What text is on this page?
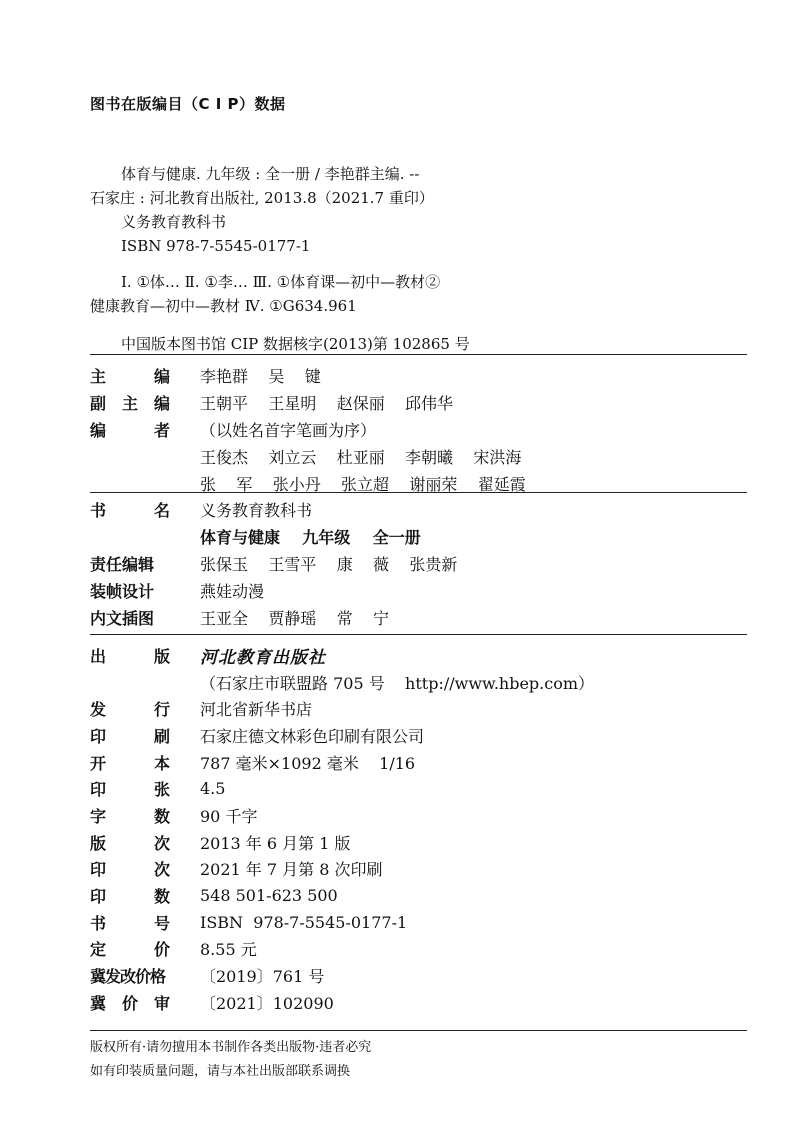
图书在版编目（C I P）数据
体育与健康. 九年级 : 全一册 / 李艳群主编. --
石家庄 : 河北教育出版社, 2013.8（2021.7 重印）
义务教育教科书
ISBN 978-7-5545-0177-1
Ⅰ. ①体… Ⅱ. ①李… Ⅲ. ①体育课—初中—教材②
健康教育—初中—教材 Ⅳ. ①G634.961
中国版本图书馆 CIP 数据核字(2013)第 102865 号
主	编 李艳群    吴    键
副 主 编 王朝平    王星明    赵保丽    邱伟华
编	者 （以姓名首字笔画为序）
王俊杰    刘立云    杜亚丽    李朝曦    宋洪海
张    军    张小丹    张立超    谢丽荣    翟延霞
书	名 义务教育教科书
体育与健康    九年级    全一册
责任编辑	张保玉    王雪平    康    薇    张贵新
装帧设计	燕娃动漫
内文插图	王亚全    贾静瑶    常    宁
出	版 河北教育出版社
（石家庄市联盟路 705 号    http://www.hbep.com）
发	行 河北省新华书店
印	刷 石家庄德文林彩色印刷有限公司
开	本 787 毫米×1092 毫米    1/16
印	张 4.5
字	数 90 千字
版	次 2013 年 6 月第 1 版
印	次 2021 年 7 月第 8 次印刷
印	数 548 501-623 500
书	号 ISBN  978-7-5545-0177-1
定	价 8.55 元
冀发改价格	〔2019〕761 号
冀 价 审 〔2021〕102090
版权所有·请勿擅用本书制作各类出版物·违者必究
如有印装质量问题，请与本社出版部联系调换
